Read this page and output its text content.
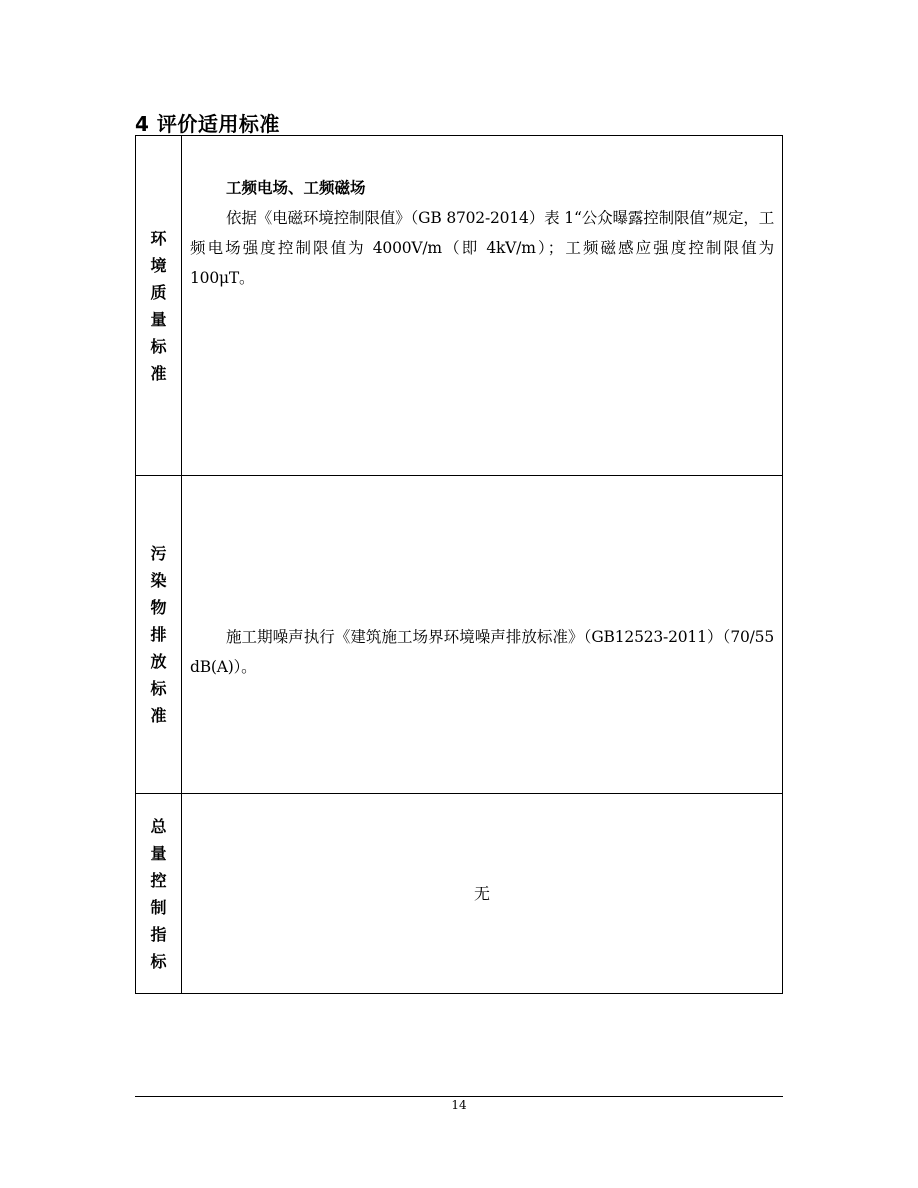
4 评价适用标准
环境质量标准	工频电场、工频磁场

依据《电磁环境控制限值》（GB 8702-2014）表 1“公众曝露控制限值”规定，工频电场强度控制限值为 4000V/m（即 4kV/m）；工频磁感应强度控制限值为 100μT。

污染物排放标准	施工期噪声执行《建筑施工场界环境噪声排放标准》（GB12523-2011）（70/55 dB(A)）。

总量控制指标	无
14
